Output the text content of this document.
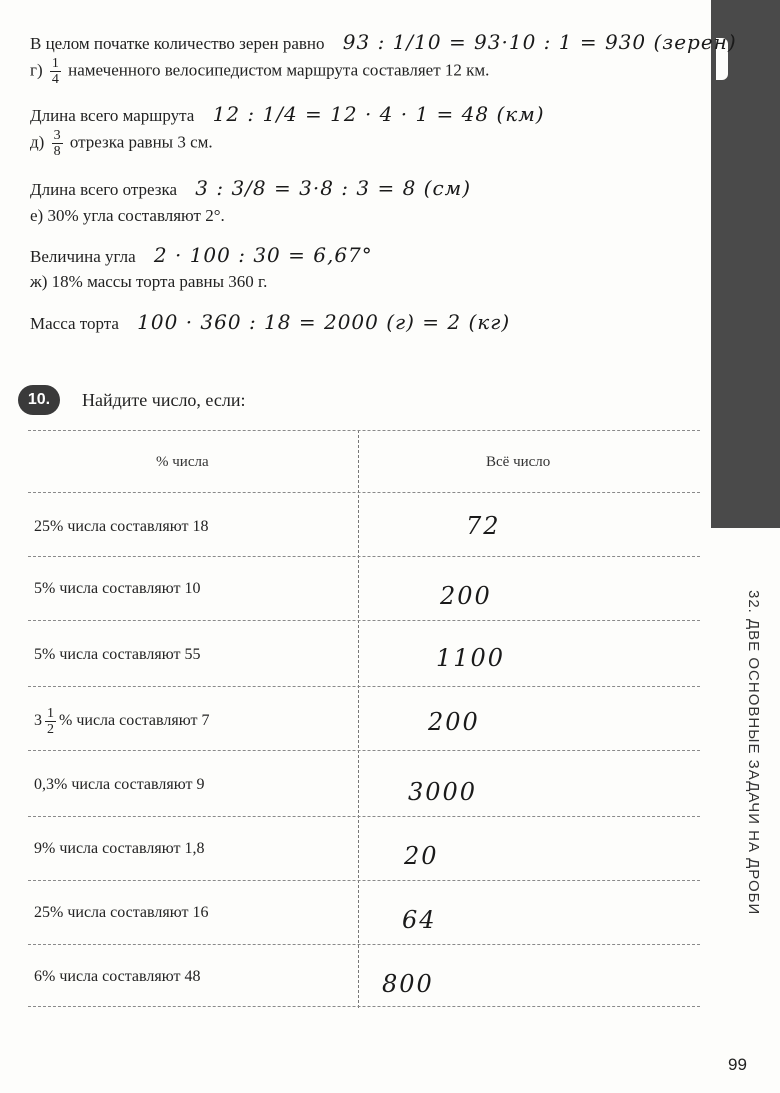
32. ДВЕ ОСНОВНЫЕ ЗАДАЧИ НА ДРОБИ
В целом початке количество зерен равно 93 : 1/10 = 93·10 : 1 = 930 (зерен)
$г) \frac{1}{4}$ намеченного велосипедистом маршрута составляет 12 км.
Длина всего маршрута 12 : 1/4 = 12 · 4 · 1 = 48 (км)
$д) \frac{3}{8}$ отрезка равны 3 см.
Длина всего отрезка 3 : 3/8 = 3·8 : 3 = 8 (см)
е) 30% угла составляют 2°.
Величина угла 2 · 100 : 30 = 6,67°
ж) 18% массы торта равны 360 г.
Масса торта 100 · 360 : 18 = 2000 (г) = 2 (кг)
10.	Найдите число, если:
% числа	Всё число
25% числа составляют 18	72
5% числа составляют 10	200
5% числа составляют 55	1100
$3 \frac{1}{2}$ % числа составляют 7	200
0,3% числа составляют 9	3000
9% числа составляют 1,8	20
25% числа составляют 16	64
6% числа составляют 48	800
99
